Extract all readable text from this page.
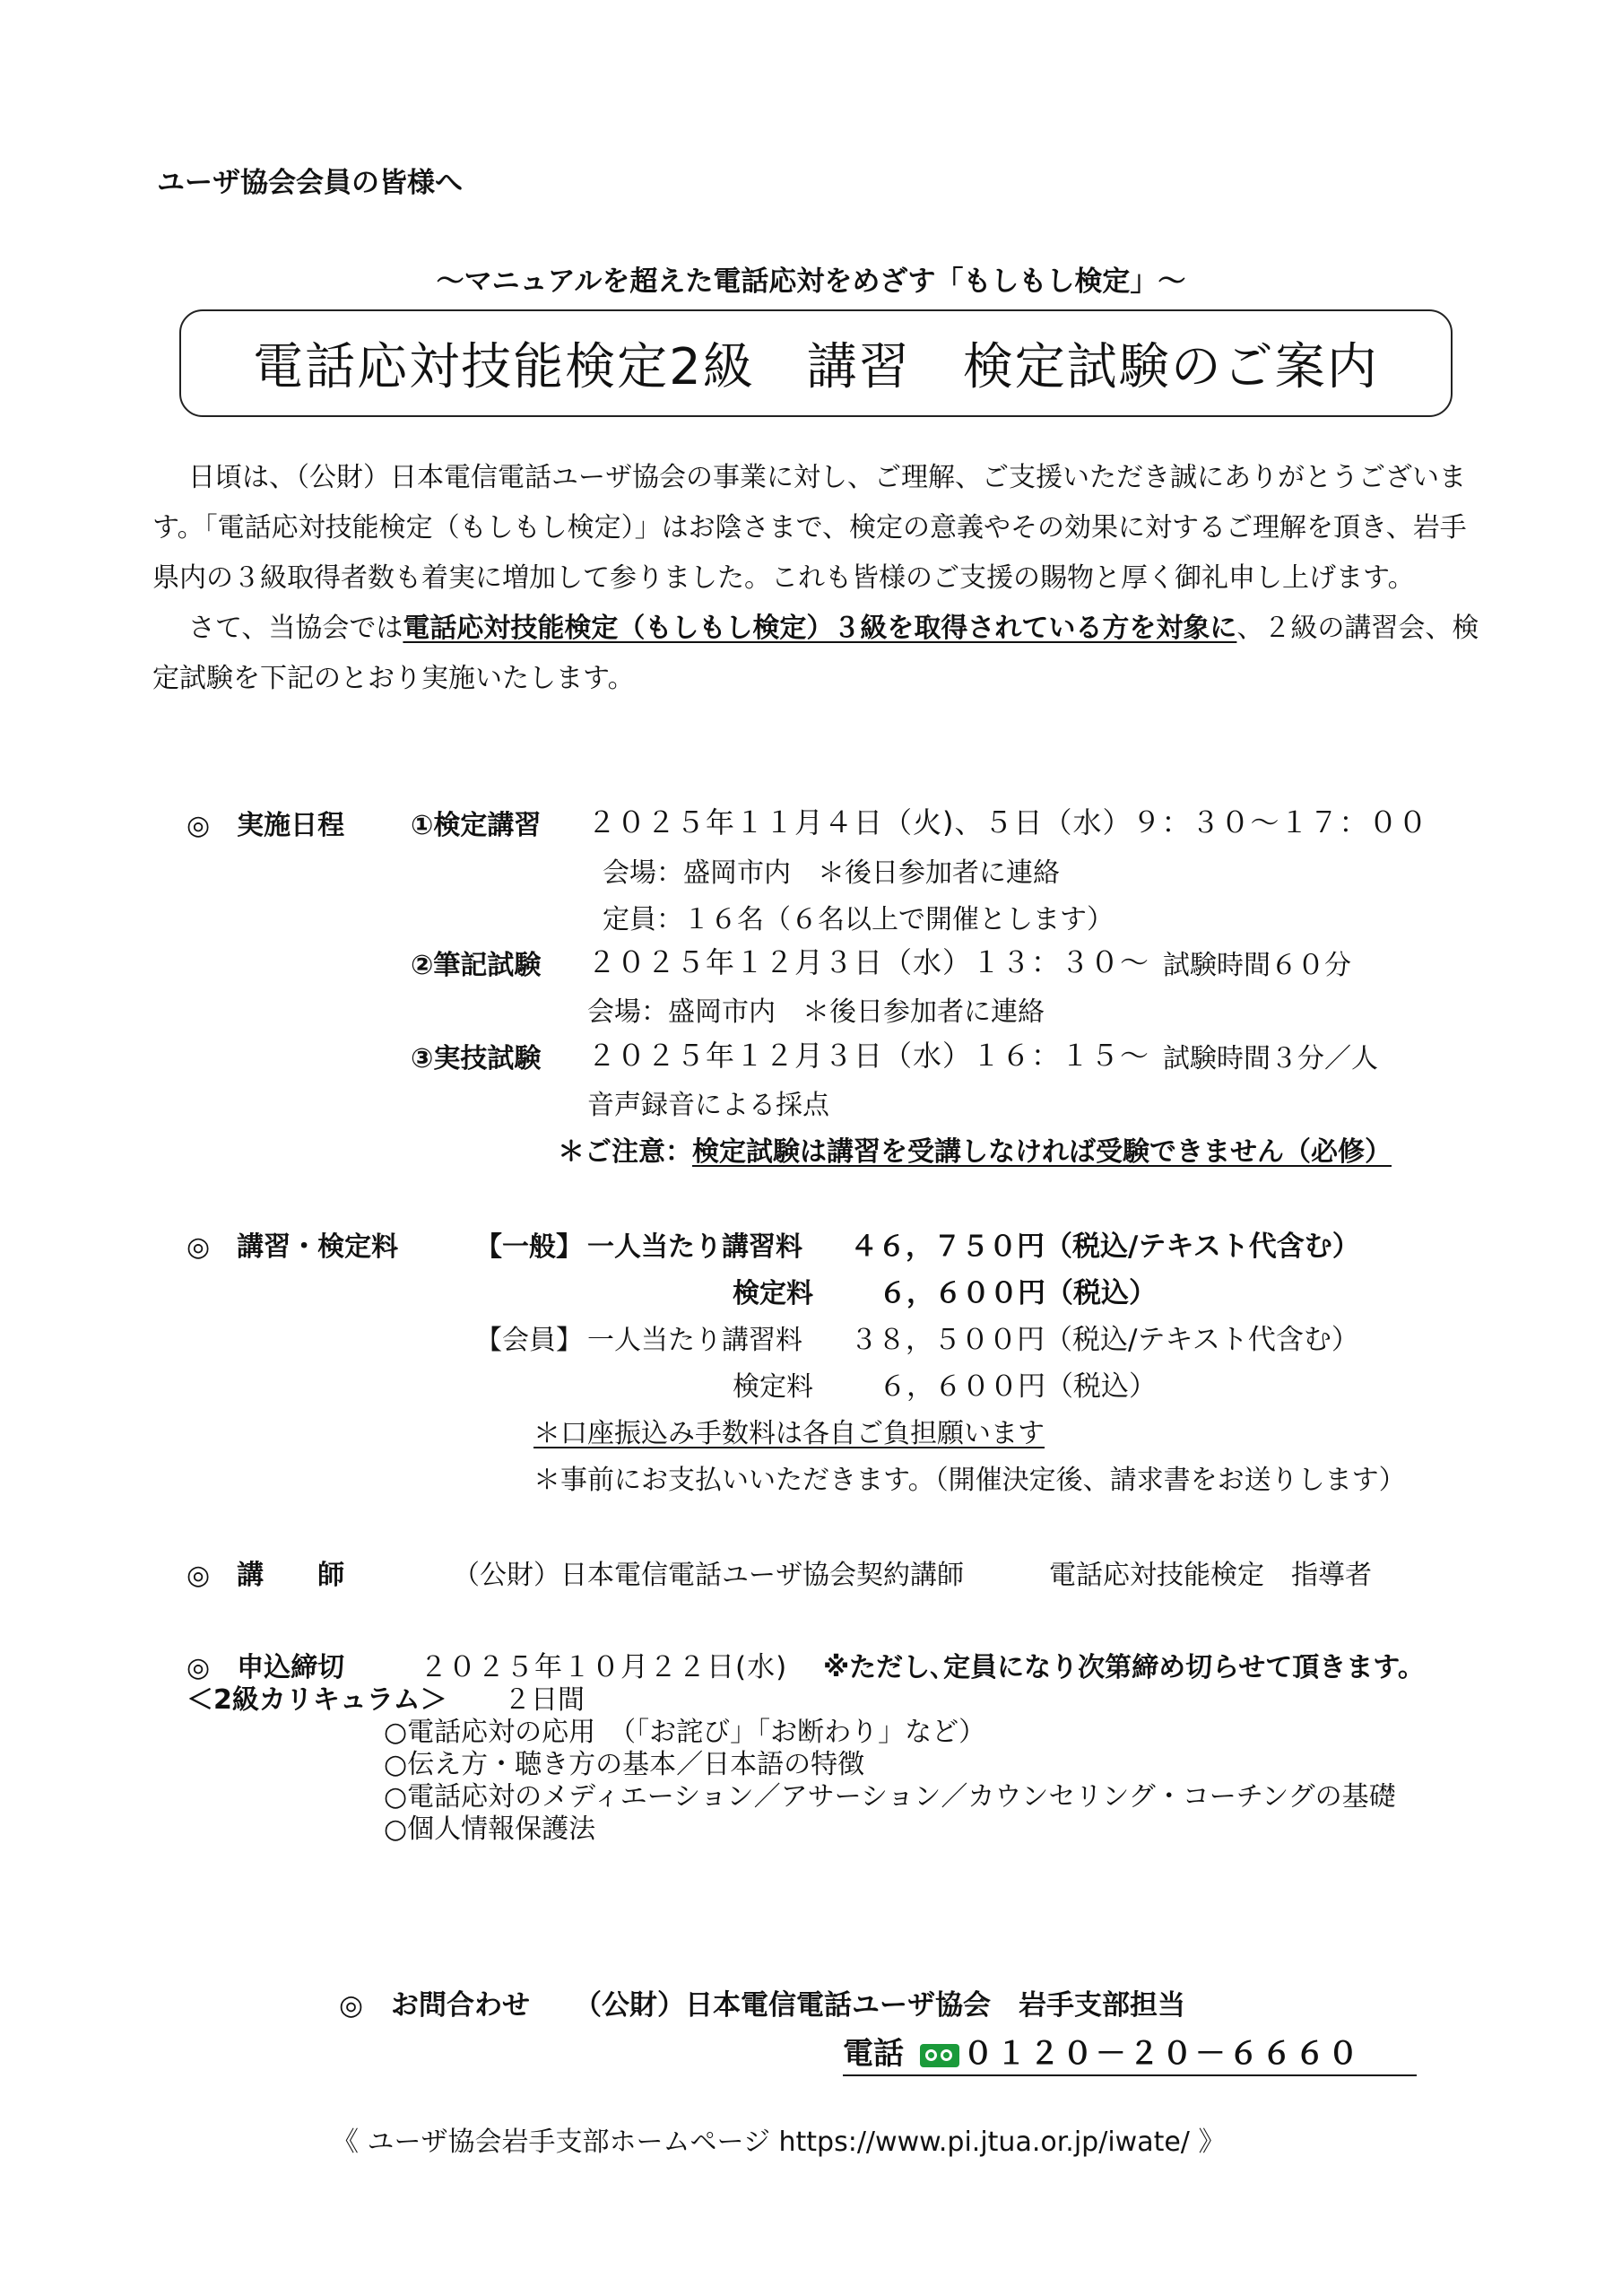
ユーザ協会会員の皆様へ
～マニュアルを超えた電話応対をめざす「もしもし検定」～
電話応対技能検定2級　講習　検定試験のご案内

日頃は、（公財）日本電信電話ユーザ協会の事業に対し、ご理解、ご支援いただき誠にありがとうございます。「電話応対技能検定（もしもし検定）」はお陰さまで、検定の意義やその効果に対するご理解を頂き、岩手県内の３級取得者数も着実に増加して参りました。これも皆様のご支援の賜物と厚く御礼申し上げます。

さて、当協会では電話応対技能検定（もしもし検定）３級を取得されている方を対象に、２級の講習会、検定試験を下記のとおり実施いたします。

◎　実施日程 ①検定講習 ２０２５年１１月４日（火)、５日（水）９：３０～１７：００
会場：盛岡市内　＊後日参加者に連絡
定員：１６名（６名以上で開催とします）
②筆記試験 ２０２５年１２月３日（水）１３：３０～ 試験時間６０分
会場：盛岡市内　＊後日参加者に連絡
③実技試験 ２０２５年１２月３日（水）１６：１５～ 試験時間３分／人
音声録音による採点
＊ご注意：検定試験は講習を受講しなければ受験できません（必修）
◎　講習・検定料	【一般】 一人当たり講習料 ４６，７５０円（税込/テキスト代含む）
検定料 ６，６００円（税込）
【会員】 一人当たり講習料 ３８，５００円（税込/テキスト代含む）
検定料 ６，６００円（税込）
＊口座振込み手数料は各自ご負担願います
＊事前にお支払いいただきます。（開催決定後、請求書をお送りします）
◎　講　　師	（公財）日本電信電話ユーザ協会契約講師	電話応対技能検定　指導者
◎　申込締切	２０２５年１０月２２日(水) ※ただし､定員になり次第締め切らせて頂きます。
＜2級カリキュラム＞ ２日間
○電話応対の応用　（「お詫び」「お断わり」など）
○伝え方・聴き方の基本／日本語の特徴
○電話応対のメディエーション／アサーション／カウンセリング・コーチングの基礎
○個人情報保護法
◎　お問合わせ （公財）日本電信電話ユーザ協会　岩手支部担当
電話 ０１２０－２０－６６６０
《 ユーザ協会岩手支部ホームページ https://www.pi.jtua.or.jp/iwate/ 》
